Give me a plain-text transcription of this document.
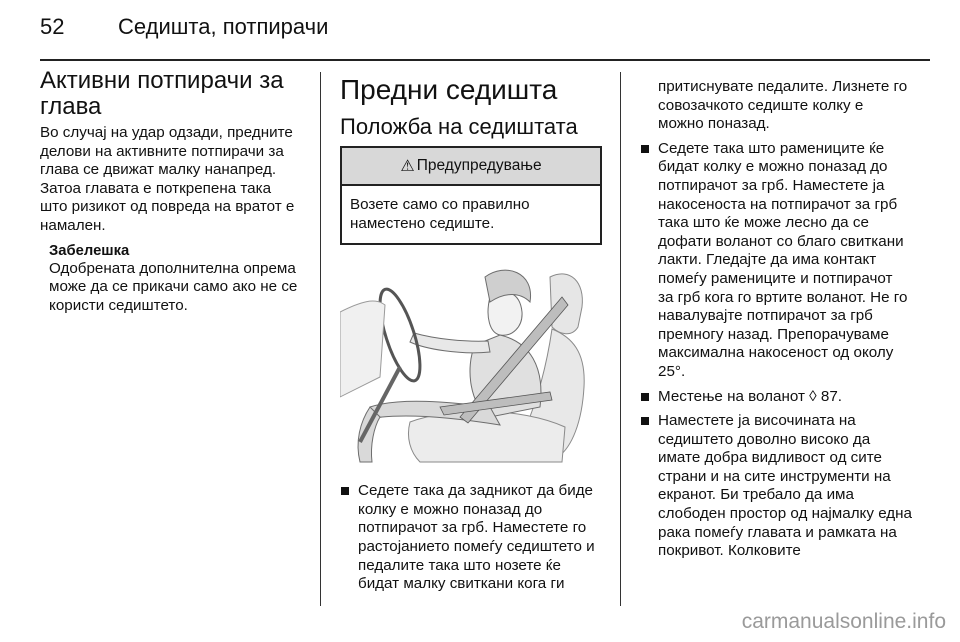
52 Седишта, потпирачи
Активни потпирачи за глава

Во случај на удар одзади, предните делови на активните потпирачи за глава се движат малку нанапред. Затоа главата е поткрепена така што ризикот од повреда на вратот е намален.

Забелешка
Одобрената дополнителна опрема може да се прикачи само ако не се користи седиштето.
Предни седишта
Положба на седиштата
⚠ Предупредување
Возете само со правилно наместено седиште.
Седете така да задникот да биде колку е можно поназад до потпирачот за грб. Наместете го растојанието помеѓу седиштето и педалите така што нозете ќе бидат малку свиткани кога ги

притиснувате педалите. Лизнете го совозачкото седиште колку е можно поназад.

Седете така што рамениците ќе бидат колку е можно поназад до потпирачот за грб. Наместете ја накосеноста на потпирачот за грб така што ќе може лесно да се дофати воланот со благо свиткани лакти. Гледајте да има контакт помеѓу рамениците и потпирачот за грб кога го вртите воланот. Не го навалувајте потпирачот за грб премногу назад. Препорачуваме максимална накосеност од околу 25°.
Местење на воланот ◊ 87.
Наместете ја височината на седиштето доволно високо да имате добра видливост од сите страни и на сите инструменти на екранот. Би требало да има слободен простор од најмалку една рака помеѓу главата и рамката на покривот. Колковите
carmanualsonline.info
